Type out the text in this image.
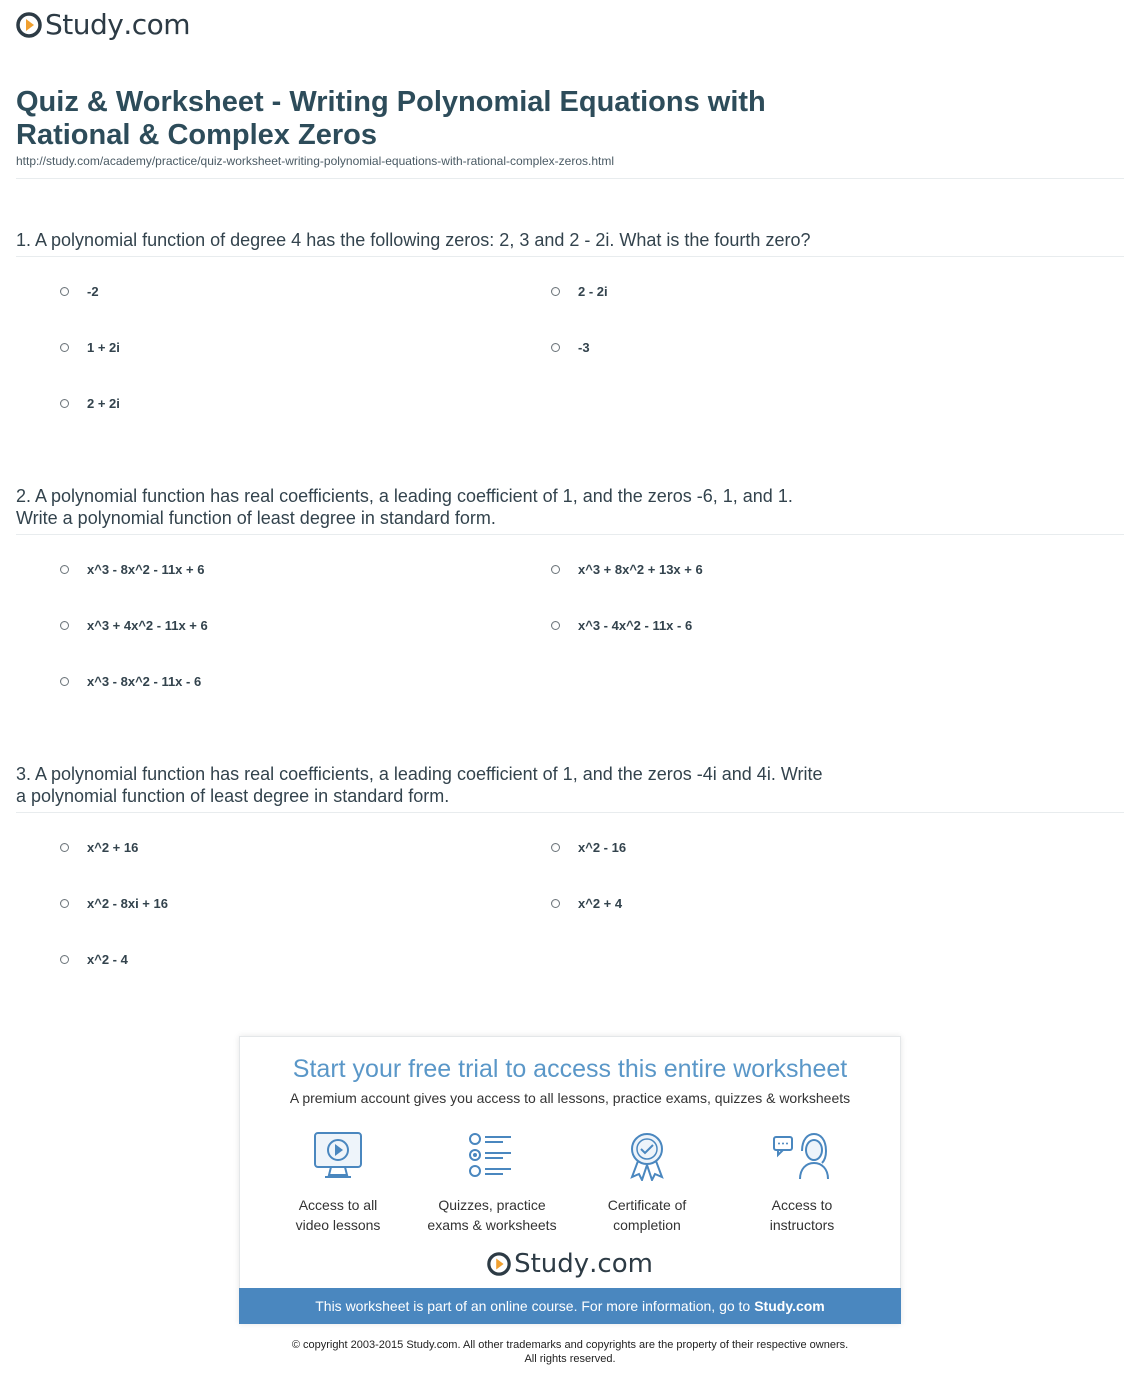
Study .com
Quiz & Worksheet - Writing Polynomial Equations with
Rational & Complex Zeros
http://study.com/academy/practice/quiz-worksheet-writing-polynomial-equations-with-rational-complex-zeros.html
1. A polynomial function of degree 4 has the following zeros: 2, 3 and 2 - 2i. What is the fourth zero?
-2	2 - 2i
1 + 2i	-3
2 + 2i
2. A polynomial function has real coefficients, a leading coefficient of 1, and the zeros -6, 1, and 1.
Write a polynomial function of least degree in standard form.
x^3 - 8x^2 - 11x + 6	x^3 + 8x^2 + 13x + 6
x^3 + 4x^2 - 11x + 6	x^3 - 4x^2 - 11x - 6
x^3 - 8x^2 - 11x - 6
3. A polynomial function has real coefficients, a leading coefficient of 1, and the zeros -4i and 4i. Write
a polynomial function of least degree in standard form.
x^2 + 16	x^2 - 16
x^2 - 8xi + 16	x^2 + 4
x^2 - 4
Start your free trial to access this entire worksheet
A premium account gives you access to all lessons, practice exams, quizzes & worksheets
Access to all
video lessons
Quizzes, practice
exams & worksheets
Certificate of
completion
Access to
instructors
Study .com
This worksheet is part of an online course. For more information, go to Study.com
© copyright 2003-2015 Study.com. All other trademarks and copyrights are the property of their respective owners.
All rights reserved.
